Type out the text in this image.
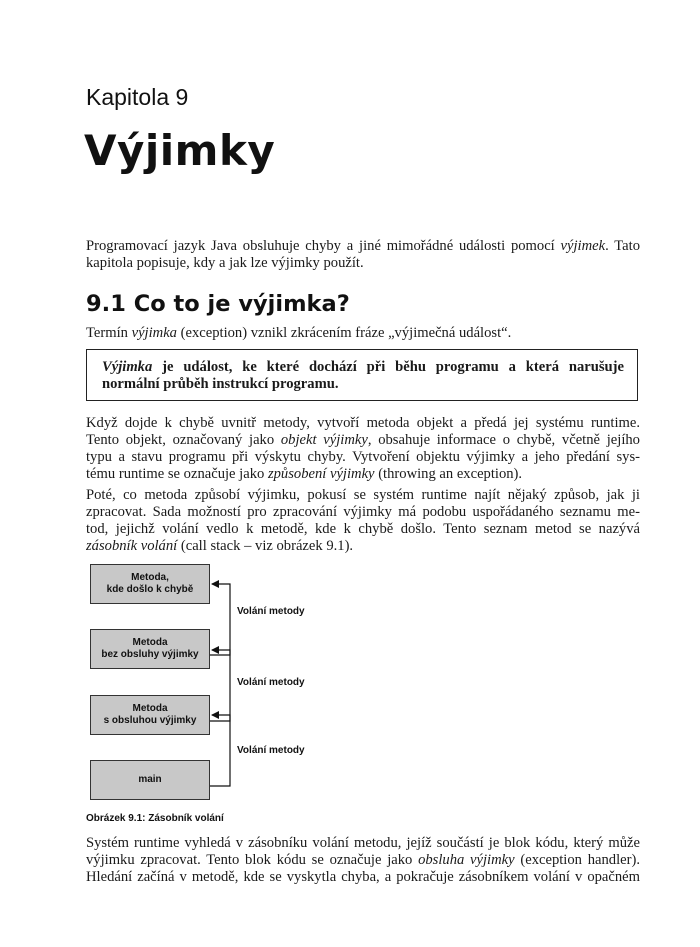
Kapitola 9
Výjimky

Programovací jazyk Java obsluhuje chyby a jiné mimořádné události pomocí výjimek. Tato
kapitola popisuje, kdy a jak lze výjimky použít.

9.1 Co to je výjimka?

Termín výjimka (exception) vznikl zkrácením fráze „výjimečná událost“.

Výjimka je událost, ke které dochází při běhu programu a která narušuje
normální průběh instrukcí programu.

Když dojde k chybě uvnitř metody, vytvoří metoda objekt a předá jej systému runtime.
Tento objekt, označovaný jako objekt výjimky, obsahuje informace o chybě, včetně jejího
typu a stavu programu při výskytu chyby. Vytvoření objektu výjimky a jeho předání sys-
tému runtime se označuje jako způsobení výjimky (throwing an exception).

Poté, co metoda způsobí výjimku, pokusí se systém runtime najít nějaký způsob, jak ji
zpracovat. Sada možností pro zpracování výjimky má podobu uspořádaného seznamu me-
tod, jejichž volání vedlo k metodě, kde k chybě došlo. Tento seznam metod se nazývá
zásobník volání (call stack – viz obrázek 9.1).

Metoda,
kde došlo k chybě
Metoda
bez obsluhy výjimky
Metoda
s obsluhou výjimky
main
Volání metody
Volání metody
Volání metody
Obrázek 9.1: Zásobník volání

Systém runtime vyhledá v zásobníku volání metodu, jejíž součástí je blok kódu, který může
výjimku zpracovat. Tento blok kódu se označuje jako obsluha výjimky (exception handler).
Hledání začíná v metodě, kde se vyskytla chyba, a pokračuje zásobníkem volání v opačném
